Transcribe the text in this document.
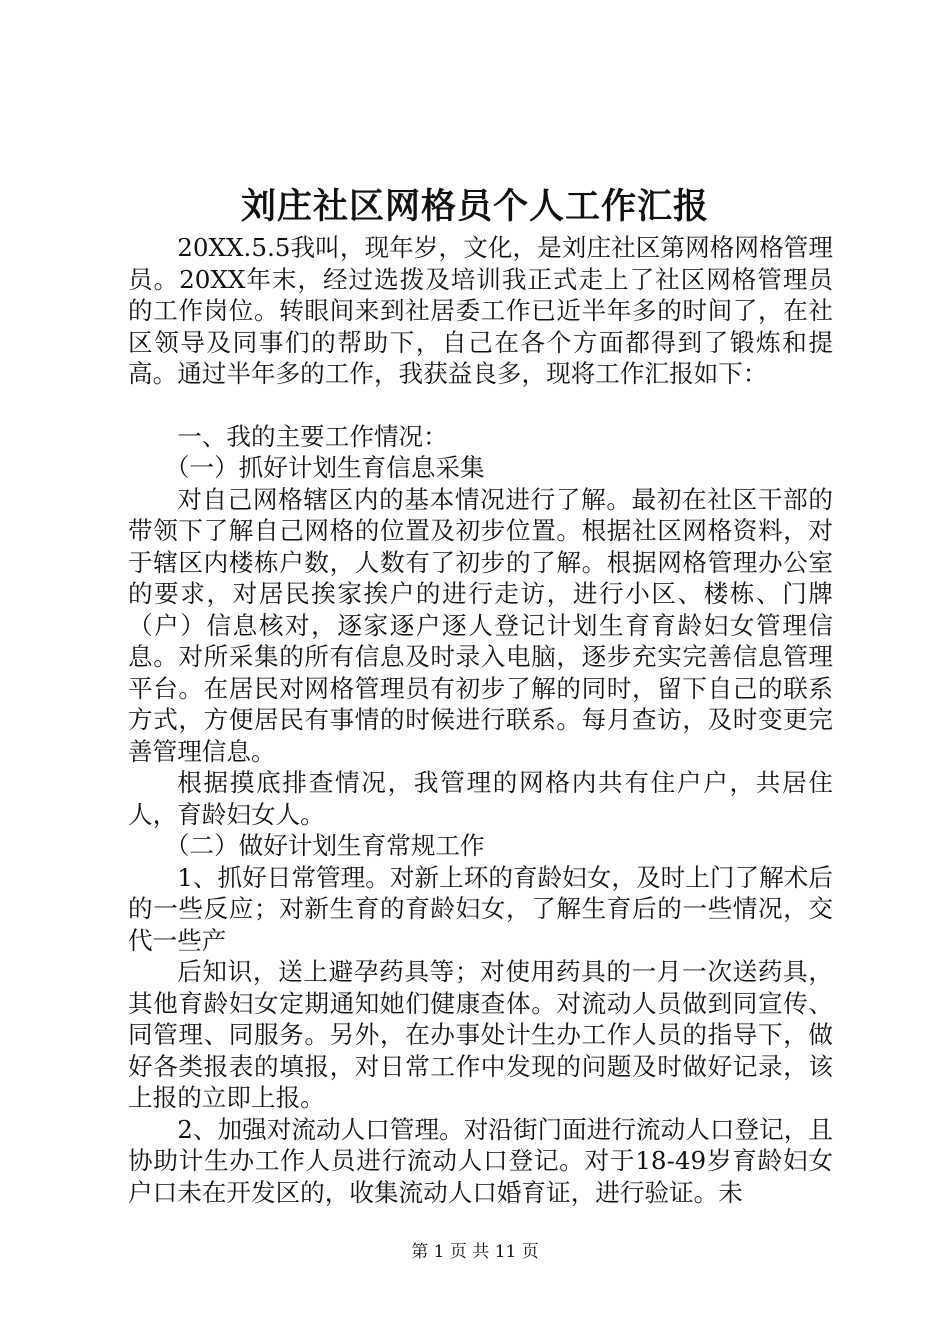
刘庄社区网格员个人工作汇报

20XX.5.5我叫，现年岁，文化，是刘庄社区第网格网格管理员。20XX年末，经过选拨及培训我正式走上了社区网格管理员的工作岗位。转眼间来到社居委工作已近半年多的时间了，在社区领导及同事们的帮助下，自己在各个方面都得到了锻炼和提高。通过半年多的工作，我获益良多，现将工作汇报如下：

一、我的主要工作情况：

（一）抓好计划生育信息采集

对自己网格辖区内的基本情况进行了解。最初在社区干部的带领下了解自己网格的位置及初步位置。根据社区网格资料，对于辖区内楼栋户数，人数有了初步的了解。根据网格管理办公室的要求，对居民挨家挨户的进行走访，进行小区、楼栋、门牌（户）信息核对，逐家逐户逐人登记计划生育育龄妇女管理信息。对所采集的所有信息及时录入电脑，逐步充实完善信息管理平台。在居民对网格管理员有初步了解的同时，留下自己的联系方式，方便居民有事情的时候进行联系。每月查访，及时变更完善管理信息。

根据摸底排查情况，我管理的网格内共有住户户，共居住人，育龄妇女人。

（二）做好计划生育常规工作

1、抓好日常管理。对新上环的育龄妇女，及时上门了解术后的一些反应；对新生育的育龄妇女，了解生育后的一些情况，交代一些产

后知识，送上避孕药具等；对使用药具的一月一次送药具，其他育龄妇女定期通知她们健康查体。对流动人员做到同宣传、同管理、同服务。另外，在办事处计生办工作人员的指导下，做好各类报表的填报，对日常工作中发现的问题及时做好记录，该上报的立即上报。

2、加强对流动人口管理。对沿街门面进行流动人口登记，且协助计生办工作人员进行流动人口登记。对于18-49岁育龄妇女户口未在开发区的，收集流动人口婚育证，进行验证。未

第 1 页 共 11 页
